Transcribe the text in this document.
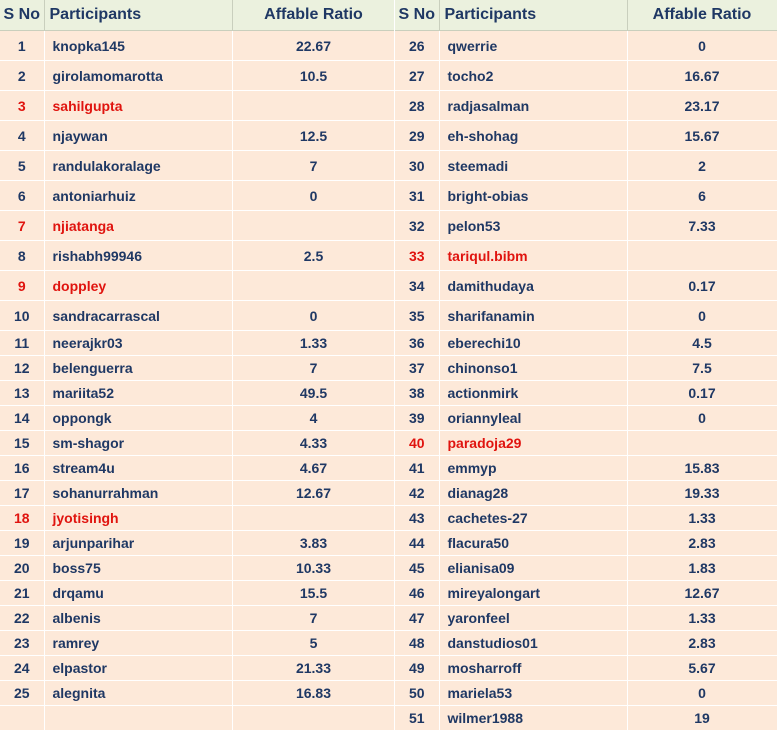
S No	Participants	Affable Ratio
1	knopka145	22.67
2	girolamomarotta	10.5
3	sahilgupta	
4	njaywan	12.5
5	randulakoralage	7
6	antoniarhuiz	0
7	njiatanga	
8	rishabh99946	2.5
9	doppley	
10	sandracarrascal	0
11	neerajkr03	1.33
12	belenguerra	7
13	mariita52	49.5
14	oppongk	4
15	sm-shagor	4.33
16	stream4u	4.67
17	sohanurrahman	12.67
18	jyotisingh	
19	arjunparihar	3.83
20	boss75	10.33
21	drqamu	15.5
22	albenis	7
23	ramrey	5
24	elpastor	21.33
25	alegnita	16.83

S No	Participants	Affable Ratio
26	qwerrie	0
27	tocho2	16.67
28	radjasalman	23.17
29	eh-shohag	15.67
30	steemadi	2
31	bright-obias	6
32	pelon53	7.33
33	tariqul.bibm	
34	damithudaya	0.17
35	sharifanamin	0
36	eberechi10	4.5
37	chinonso1	7.5
38	actionmirk	0.17
39	oriannyleal	0
40	paradoja29	
41	emmyp	15.83
42	dianag28	19.33
43	cachetes-27	1.33
44	flacura50	2.83
45	elianisa09	1.83
46	mireyalongart	12.67
47	yaronfeel	1.33
48	danstudios01	2.83
49	mosharroff	5.67
50	mariela53	0
51	wilmer1988	19
